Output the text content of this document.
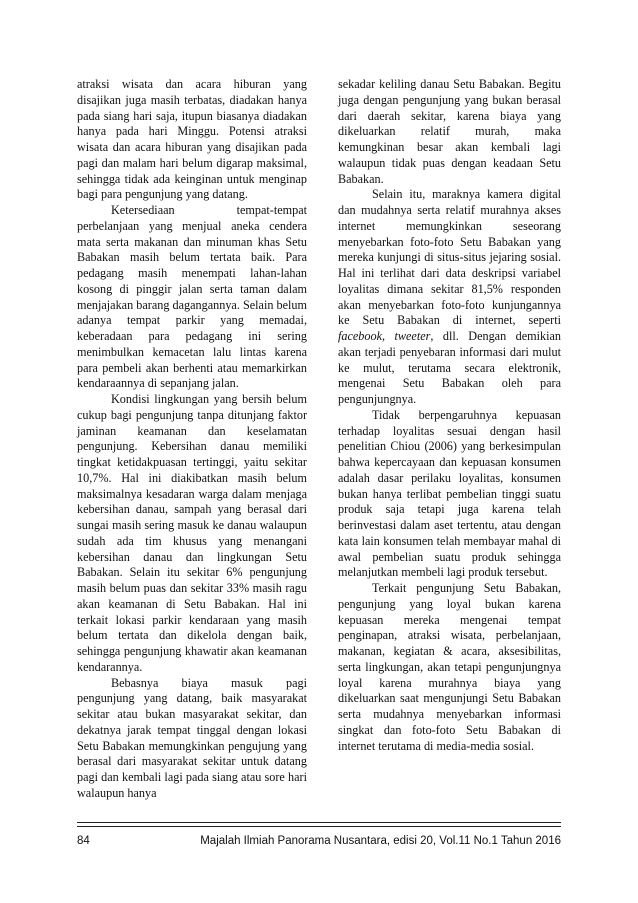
atraksi wisata dan acara hiburan yang disajikan juga masih terbatas, diadakan hanya pada siang hari saja, itupun biasanya diadakan hanya pada hari Minggu. Potensi atraksi wisata dan acara hiburan yang disajikan pada pagi dan malam hari belum digarap maksimal, sehingga tidak ada keinginan untuk menginap bagi para pengunjung yang datang.

Ketersediaan tempat-tempat perbelanjaan yang menjual aneka cendera mata serta makanan dan minuman khas Setu Babakan masih belum tertata baik. Para pedagang masih menempati lahan-lahan kosong di pinggir jalan serta taman dalam menjajakan barang dagangannya. Selain belum adanya tempat parkir yang memadai, keberadaan para pedagang ini sering menimbulkan kemacetan lalu lintas karena para pembeli akan berhenti atau memarkirkan kendaraannya di sepanjang jalan.

Kondisi lingkungan yang bersih belum cukup bagi pengunjung tanpa ditunjang faktor jaminan keamanan dan keselamatan pengunjung. Kebersihan danau memiliki tingkat ketidakpuasan tertinggi, yaitu sekitar 10,7%. Hal ini diakibatkan masih belum maksimalnya kesadaran warga dalam menjaga kebersihan danau, sampah yang berasal dari sungai masih sering masuk ke danau walaupun sudah ada tim khusus yang menangani kebersihan danau dan lingkungan Setu Babakan. Selain itu sekitar 6% pengunjung masih belum puas dan sekitar 33% masih ragu akan keamanan di Setu Babakan. Hal ini terkait lokasi parkir kendaraan yang masih belum tertata dan dikelola dengan baik, sehingga pengunjung khawatir akan keamanan kendarannya.

Bebasnya biaya masuk pagi pengunjung yang datang, baik masyarakat sekitar atau bukan masyarakat sekitar, dan dekatnya jarak tempat tinggal dengan lokasi Setu Babakan memungkinkan pengujung yang berasal dari masyarakat sekitar untuk datang pagi dan kembali lagi pada siang atau sore hari walaupun hanya

sekadar keliling danau Setu Babakan. Begitu juga dengan pengunjung yang bukan berasal dari daerah sekitar, karena biaya yang dikeluarkan relatif murah, maka kemungkinan besar akan kembali lagi walaupun tidak puas dengan keadaan Setu Babakan.

Selain itu, maraknya kamera digital dan mudahnya serta relatif murahnya akses internet memungkinkan seseorang menyebarkan foto-foto Setu Babakan yang mereka kunjungi di situs-situs jejaring sosial. Hal ini terlihat dari data deskripsi variabel loyalitas dimana sekitar 81,5% responden akan menyebarkan foto-foto kunjungannya ke Setu Babakan di internet, seperti facebook, tweeter, dll. Dengan demikian akan terjadi penyebaran informasi dari mulut ke mulut, terutama secara elektronik, mengenai Setu Babakan oleh para pengunjungnya.

Tidak berpengaruhnya kepuasan terhadap loyalitas sesuai dengan hasil penelitian Chiou (2006) yang berkesimpulan bahwa kepercayaan dan kepuasan konsumen adalah dasar perilaku loyalitas, konsumen bukan hanya terlibat pembelian tinggi suatu produk saja tetapi juga karena telah berinvestasi dalam aset tertentu, atau dengan kata lain konsumen telah membayar mahal di awal pembelian suatu produk sehingga melanjutkan membeli lagi produk tersebut.

Terkait pengunjung Setu Babakan, pengunjung yang loyal bukan karena kepuasan mereka mengenai tempat penginapan, atraksi wisata, perbelanjaan, makanan, kegiatan & acara, aksesibilitas, serta lingkungan, akan tetapi pengunjungnya loyal karena murahnya biaya yang dikeluarkan saat mengunjungi Setu Babakan serta mudahnya menyebarkan informasi singkat dan foto-foto Setu Babakan di internet terutama di media-media sosial.

84	Majalah Ilmiah Panorama Nusantara, edisi 20, Vol.11 No.1 Tahun 2016
